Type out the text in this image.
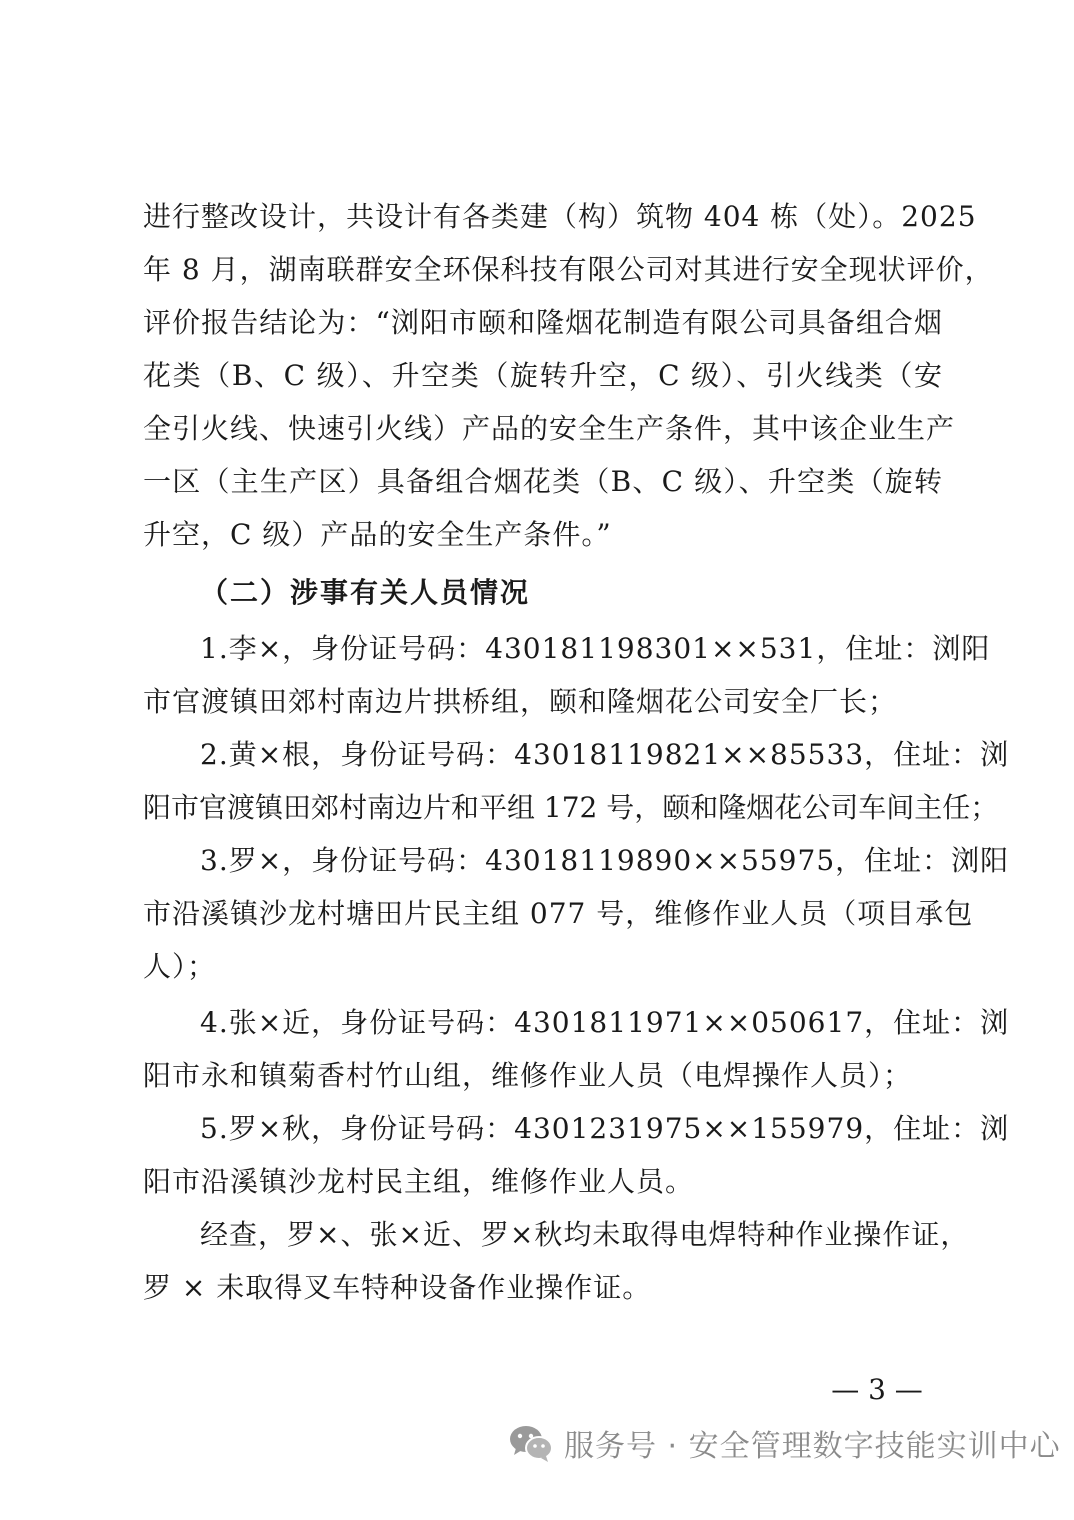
进行整改设计，共设计有各类建（构）筑物 404 栋（处）。2025
年 8 月，湖南联群安全环保科技有限公司对其进行安全现状评价，
评价报告结论为：“浏阳市颐和隆烟花制造有限公司具备组合烟
花类（B、C 级）、升空类（旋转升空，C 级）、引火线类（安
全引火线、快速引火线）产品的安全生产条件，其中该企业生产
一区（主生产区）具备组合烟花类（B、C 级）、升空类（旋转
升空，C 级）产品的安全生产条件。”
（二）涉事有关人员情况
1.李×，身份证号码：430181198301××531，住址：浏阳
市官渡镇田郊村南边片拱桥组，颐和隆烟花公司安全厂长；
2.黄×根，身份证号码：43018119821××85533，住址：浏
阳市官渡镇田郊村南边片和平组 172 号，颐和隆烟花公司车间主任；
3.罗×，身份证号码：43018119890××55975，住址：浏阳
市沿溪镇沙龙村塘田片民主组 077 号，维修作业人员（项目承包
人）；
4.张×近，身份证号码：4301811971××050617，住址：浏
阳市永和镇菊香村竹山组，维修作业人员（电焊操作人员）；
5.罗×秋，身份证号码：4301231975××155979，住址：浏
阳市沿溪镇沙龙村民主组，维修作业人员。
经查，罗×、张×近、罗×秋均未取得电焊特种作业操作证，
罗 × 未取得叉车特种设备作业操作证。
— 3 —
服务号 · 安全管理数字技能实训中心
